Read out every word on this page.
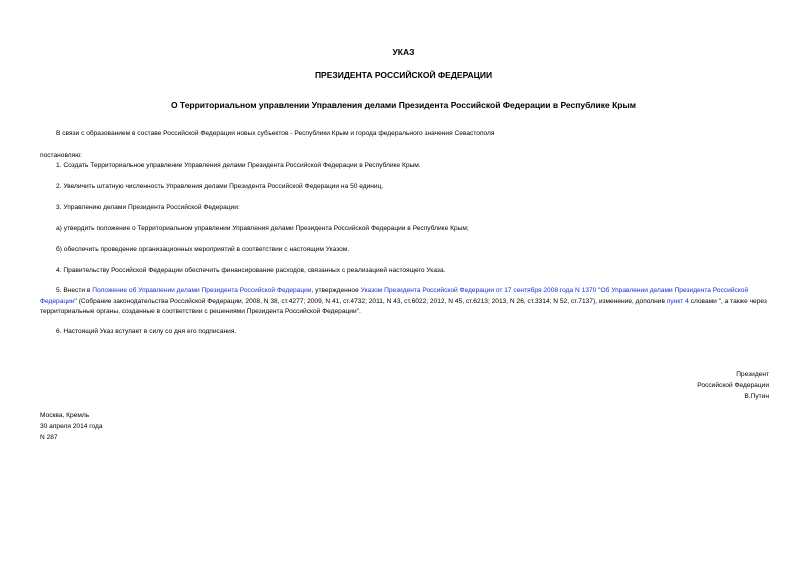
УКАЗ
ПРЕЗИДЕНТА РОССИЙСКОЙ ФЕДЕРАЦИИ
О Территориальном управлении Управления делами Президента Российской Федерации в Республике Крым
В связи с образованием в составе Российской Федерации новых субъектов - Республики Крым и города федерального значения Севастополя
постановляю:
1. Создать Территориальное управление Управления делами Президента Российской Федерации в Республике Крым.
2. Увеличить штатную численность Управления делами Президента Российской Федерации на 50 единиц.
3. Управлению делами Президента Российской Федерации:
а) утвердить положение о Территориальном управлении Управления делами Президента Российской Федерации в Республике Крым;
б) обеспечить проведение организационных мероприятий в соответствии с настоящим Указом.
4. Правительству Российской Федерации обеспечить финансирование расходов, связанных с реализацией настоящего Указа.
5. Внести в Положение об Управлении делами Президента Российской Федерации, утвержденное Указом Президента Российской Федерации от 17 сентября 2008 года N 1370 "Об Управлении делами Президента Российской Федерации" (Собрание законодательства Российской Федерации, 2008, N 38, ст.4277; 2009, N 41, ст.4732; 2011, N 43, ст.6022; 2012, N 45, ст.6213; 2013, N 26, ст.3314; N 52, ст.7137), изменение, дополнив пункт 4 словами ", а также через территориальные органы, созданные в соответствии с решениями Президента Российской Федерации".
6. Настоящий Указ вступает в силу со дня его подписания.
Президент
Российской Федерации
В.Путин
Москва, Кремль
30 апреля 2014 года
N 287
